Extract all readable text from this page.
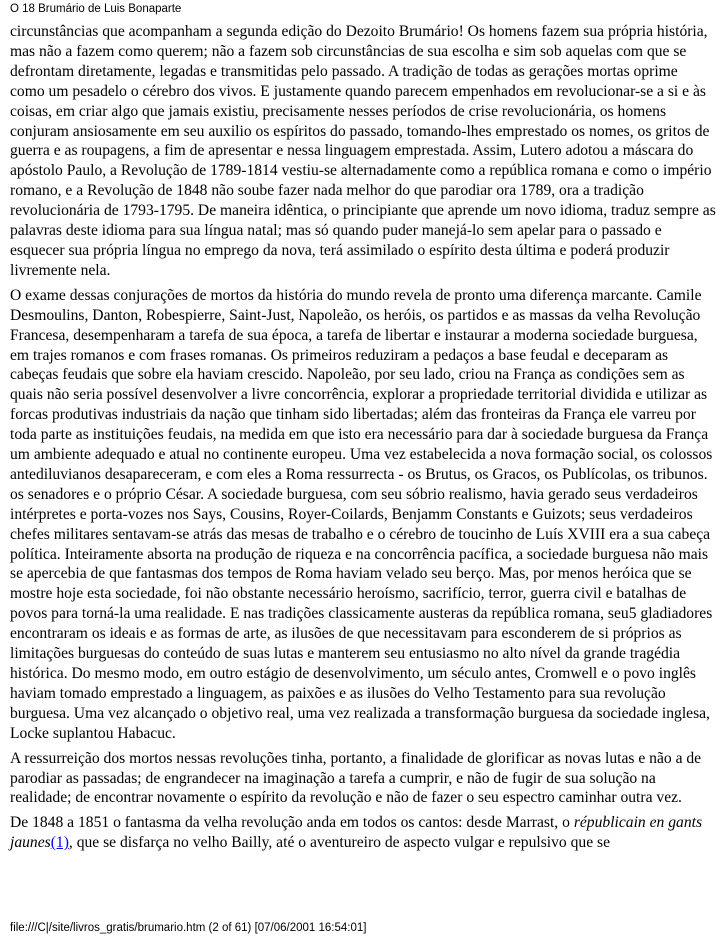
O 18 Brumário de Luis Bonaparte

circunstâncias que acompanham a segunda edição do Dezoito Brumário! Os homens fazem sua própria história, mas não a fazem como querem; não a fazem sob circunstâncias de sua escolha e sim sob aquelas com que se defrontam diretamente, legadas e transmitidas pelo passado. A tradição de todas as gerações mortas oprime como um pesadelo o cérebro dos vivos. E justamente quando parecem empenhados em revolucionar-se a si e às coisas, em criar algo que jamais existiu, precisamente nesses períodos de crise revolucionária, os homens conjuram ansiosamente em seu auxilio os espíritos do passado, tomando-lhes emprestado os nomes, os gritos de guerra e as roupagens, a fim de apresentar e nessa linguagem emprestada. Assim, Lutero adotou a máscara do apóstolo Paulo, a Revolução de 1789-1814 vestiu-se alternadamente como a república romana e como o império romano, e a Revolução de 1848 não soube fazer nada melhor do que parodiar ora 1789, ora a tradição revolucionária de 1793-1795. De maneira idêntica, o principiante que aprende um novo idioma, traduz sempre as palavras deste idioma para sua língua natal; mas só quando puder manejá-lo sem apelar para o passado e esquecer sua própria língua no emprego da nova, terá assimilado o espírito desta última e poderá produzir livremente nela.

O exame dessas conjurações de mortos da história do mundo revela de pronto uma diferença marcante. Camile Desmoulins, Danton, Robespierre, Saint-Just, Napoleão, os heróis, os partidos e as massas da velha Revolução Francesa, desempenharam a tarefa de sua época, a tarefa de libertar e instaurar a moderna sociedade burguesa, em trajes romanos e com frases romanas. Os primeiros reduziram a pedaços a base feudal e deceparam as cabeças feudais que sobre ela haviam crescido. Napoleão, por seu lado, criou na França as condições sem as quais não seria possível desenvolver a livre concorrência, explorar a propriedade territorial dividida e utilizar as forcas produtivas industriais da nação que tinham sido libertadas; além das fronteiras da França ele varreu por toda parte as instituições feudais, na medida em que isto era necessário para dar à sociedade burguesa da França um ambiente adequado e atual no continente europeu. Uma vez estabelecida a nova formação social, os colossos antediluvianos desapareceram, e com eles a Roma ressurrecta - os Brutus, os Gracos, os Publícolas, os tribunos. os senadores e o próprio César. A sociedade burguesa, com seu sóbrio realismo, havia gerado seus verdadeiros intérpretes e porta-vozes nos Says, Cousins, Royer-Coilards, Benjamm Constants e Guizots; seus verdadeiros chefes militares sentavam-se atrás das mesas de trabalho e o cérebro de toucinho de Luís XVIII era a sua cabeça política. Inteiramente absorta na produção de riqueza e na concorrência pacífica, a sociedade burguesa não mais se apercebia de que fantasmas dos tempos de Roma haviam velado seu berço. Mas, por menos heróica que se mostre hoje esta sociedade, foi não obstante necessário heroísmo, sacrifício, terror, guerra civil e batalhas de povos para torná-la uma realidade. E nas tradições classicamente austeras da república romana, seu5 gladiadores encontraram os ideais e as formas de arte, as ilusões de que necessitavam para esconderem de si próprios as limitações burguesas do conteúdo de suas lutas e manterem seu entusiasmo no alto nível da grande tragédia histórica. Do mesmo modo, em outro estágio de desenvolvimento, um século antes, Cromwell e o povo inglês haviam tomado emprestado a linguagem, as paixões e as ilusões do Velho Testamento para sua revolução burguesa. Uma vez alcançado o objetivo real, uma vez realizada a transformação burguesa da sociedade inglesa, Locke suplantou Habacuc.

A ressurreição dos mortos nessas revoluções tinha, portanto, a finalidade de glorificar as novas lutas e não a de parodiar as passadas; de engrandecer na imaginação a tarefa a cumprir, e não de fugir de sua solução na realidade; de encontrar novamente o espírito da revolução e não de fazer o seu espectro caminhar outra vez.

De 1848 a 1851 o fantasma da velha revolução anda em todos os cantos: desde Marrast, o républicain en gants jaunes(1), que se disfarça no velho Bailly, até o aventureiro de aspecto vulgar e repulsivo que se

file:///C|/site/livros_gratis/brumario.htm (2 of 61) [07/06/2001 16:54:01]
